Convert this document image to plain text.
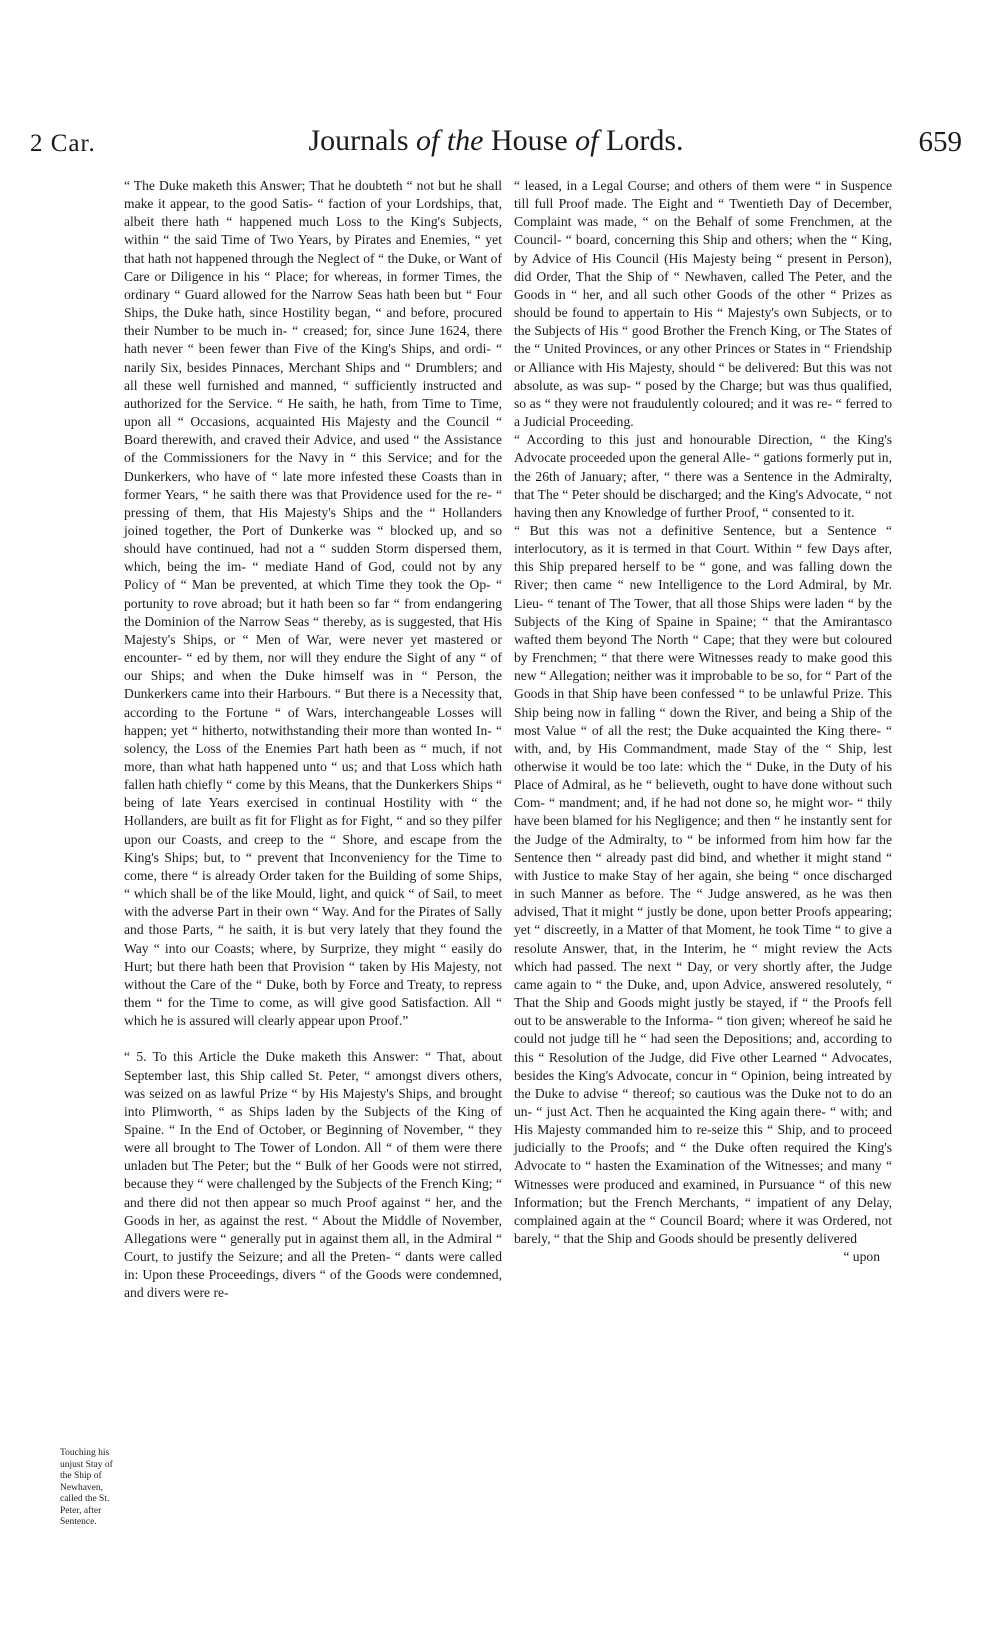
2 Car.	Journals of the House of Lords.	659

“ The Duke maketh this Answer; That he doubteth “ not but he shall make it appear, to the good Satis- “ faction of your Lordships, that, albeit there hath “ happened much Loss to the King's Subjects, within “ the said Time of Two Years, by Pirates and Enemies, “ yet that hath not happened through the Neglect of “ the Duke, or Want of Care or Diligence in his “ Place; for whereas, in former Times, the ordinary “ Guard allowed for the Narrow Seas hath been but “ Four Ships, the Duke hath, since Hostility began, “ and before, procured their Number to be much in- “ creased; for, since June 1624, there hath never “ been fewer than Five of the King's Ships, and ordi- “ narily Six, besides Pinnaces, Merchant Ships and “ Drumblers; and all these well furnished and manned, “ sufficiently instructed and authorized for the Service. “ He saith, he hath, from Time to Time, upon all “ Occasions, acquainted His Majesty and the Council “ Board therewith, and craved their Advice, and used “ the Assistance of the Commissioners for the Navy in “ this Service; and for the Dunkerkers, who have of “ late more infested these Coasts than in former Years, “ he saith there was that Providence used for the re- “ pressing of them, that His Majesty's Ships and the “ Hollanders joined together, the Port of Dunkerke was “ blocked up, and so should have continued, had not a “ sudden Storm dispersed them, which, being the im- “ mediate Hand of God, could not by any Policy of “ Man be prevented, at which Time they took the Op- “ portunity to rove abroad; but it hath been so far “ from endangering the Dominion of the Narrow Seas “ thereby, as is suggested, that His Majesty's Ships, or “ Men of War, were never yet mastered or encounter- “ ed by them, nor will they endure the Sight of any “ of our Ships; and when the Duke himself was in “ Person, the Dunkerkers came into their Harbours. “ But there is a Necessity that, according to the Fortune “ of Wars, interchangeable Losses will happen; yet “ hitherto, notwithstanding their more than wonted In- “ solency, the Loss of the Enemies Part hath been as “ much, if not more, than what hath happened unto “ us; and that Loss which hath fallen hath chiefly “ come by this Means, that the Dunkerkers Ships “ being of late Years exercised in continual Hostility with “ the Hollanders, are built as fit for Flight as for Fight, “ and so they pilfer upon our Coasts, and creep to the “ Shore, and escape from the King's Ships; but, to “ prevent that Inconveniency for the Time to come, there “ is already Order taken for the Building of some Ships, “ which shall be of the like Mould, light, and quick “ of Sail, to meet with the adverse Part in their own “ Way. And for the Pirates of Sally and those Parts, “ he saith, it is but very lately that they found the Way “ into our Coasts; where, by Surprize, they might “ easily do Hurt; but there hath been that Provision “ taken by His Majesty, not without the Care of the “ Duke, both by Force and Treaty, to repress them “ for the Time to come, as will give good Satisfaction. All “ which he is assured will clearly appear upon Proof.”

“ 5. To this Article the Duke maketh this Answer: “ That, about September last, this Ship called St. Peter, “ amongst divers others, was seized on as lawful Prize “ by His Majesty's Ships, and brought into Plimworth, “ as Ships laden by the Subjects of the King of Spaine. “ In the End of October, or Beginning of November, “ they were all brought to The Tower of London. All “ of them were there unladen but The Peter; but the “ Bulk of her Goods were not stirred, because they “ were challenged by the Subjects of the French King; “ and there did not then appear so much Proof against “ her, and the Goods in her, as against the rest. “ About the Middle of November, Allegations were “ generally put in against them all, in the Admiral “ Court, to justify the Seizure; and all the Preten- “ dants were called in: Upon these Proceedings, divers “ of the Goods were condemned, and divers were re-

Touching his unjust Stay of the Ship of Newhaven, called the St. Peter, after Sentence.

“ leased, in a Legal Course; and others of them were “ in Suspence till full Proof made. The Eight and “ Twentieth Day of December, Complaint was made, “ on the Behalf of some Frenchmen, at the Council- “ board, concerning this Ship and others; when the “ King, by Advice of His Council (His Majesty being “ present in Person), did Order, That the Ship of “ Newhaven, called The Peter, and the Goods in “ her, and all such other Goods of the other “ Prizes as should be found to appertain to His “ Majesty's own Subjects, or to the Subjects of His “ good Brother the French King, or The States of the “ United Provinces, or any other Princes or States in “ Friendship or Alliance with His Majesty, should “ be delivered: But this was not absolute, as was sup- “ posed by the Charge; but was thus qualified, so as “ they were not fraudulently coloured; and it was re- “ ferred to a Judicial Proceeding.

“ According to this just and honourable Direction, “ the King's Advocate proceeded upon the general Alle- “ gations formerly put in, the 26th of January; after, “ there was a Sentence in the Admiralty, that The “ Peter should be discharged; and the King's Advocate, “ not having then any Knowledge of further Proof, “ consented to it.

“ But this was not a definitive Sentence, but a Sentence “ interlocutory, as it is termed in that Court. Within “ few Days after, this Ship prepared herself to be “ gone, and was falling down the River; then came “ new Intelligence to the Lord Admiral, by Mr. Lieu- “ tenant of The Tower, that all those Ships were laden “ by the Subjects of the King of Spaine in Spaine; “ that the Amirantasco wafted them beyond The North “ Cape; that they were but coloured by Frenchmen; “ that there were Witnesses ready to make good this new “ Allegation; neither was it improbable to be so, for “ Part of the Goods in that Ship have been confessed “ to be unlawful Prize. This Ship being now in falling “ down the River, and being a Ship of the most Value “ of all the rest; the Duke acquainted the King there- “ with, and, by His Commandment, made Stay of the “ Ship, lest otherwise it would be too late: which the “ Duke, in the Duty of his Place of Admiral, as he “ believeth, ought to have done without such Com- “ mandment; and, if he had not done so, he might wor- “ thily have been blamed for his Negligence; and then “ he instantly sent for the Judge of the Admiralty, to “ be informed from him how far the Sentence then “ already past did bind, and whether it might stand “ with Justice to make Stay of her again, she being “ once discharged in such Manner as before. The “ Judge answered, as he was then advised, That it might “ justly be done, upon better Proofs appearing; yet “ discreetly, in a Matter of that Moment, he took Time “ to give a resolute Answer, that, in the Interim, he “ might review the Acts which had passed. The next “ Day, or very shortly after, the Judge came again to “ the Duke, and, upon Advice, answered resolutely, “ That the Ship and Goods might justly be stayed, if “ the Proofs fell out to be answerable to the Informa- “ tion given; whereof he said he could not judge till he “ had seen the Depositions; and, according to this “ Resolution of the Judge, did Five other Learned “ Advocates, besides the King's Advocate, concur in “ Opinion, being intreated by the Duke to advise “ thereof; so cautious was the Duke not to do an un- “ just Act. Then he acquainted the King again there- “ with; and His Majesty commanded him to re-seize this “ Ship, and to proceed judicially to the Proofs; and “ the Duke often required the King's Advocate to “ hasten the Examination of the Witnesses; and many “ Witnesses were produced and examined, in Pursuance “ of this new Information; but the French Merchants, “ impatient of any Delay, complained again at the “ Council Board; where it was Ordered, not barely, “ that the Ship and Goods should be presently delivered

“ upon
